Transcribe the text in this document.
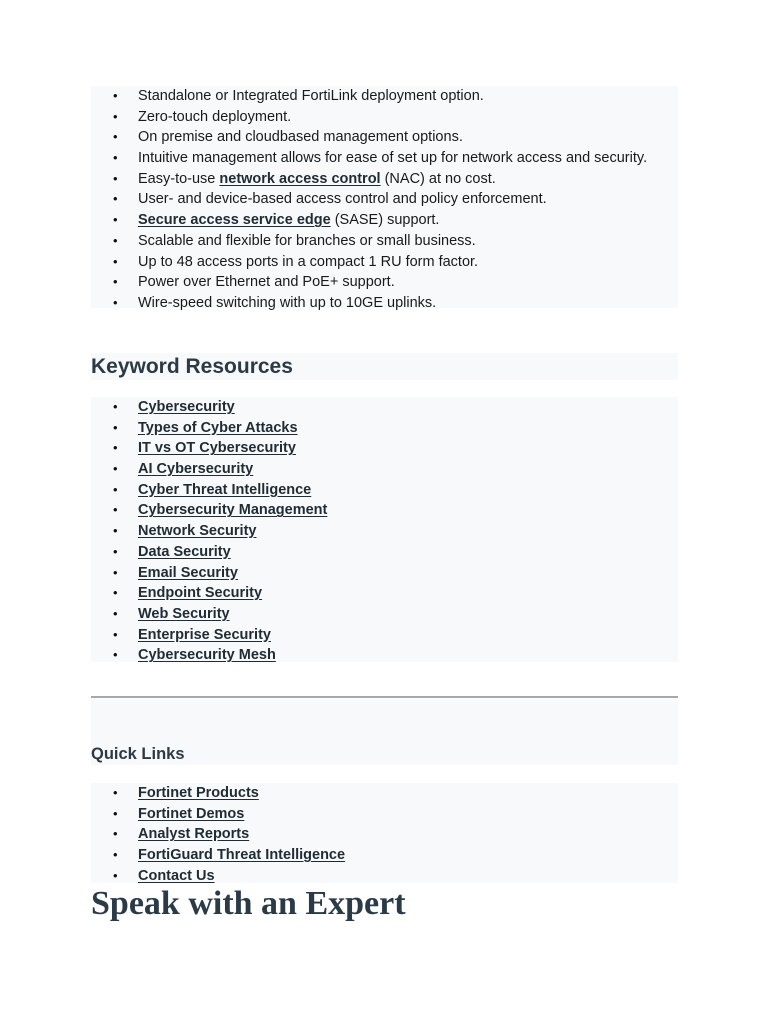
• Standalone or Integrated FortiLink deployment option.
• Zero-touch deployment.
• On premise and cloudbased management options.
• Intuitive management allows for ease of set up for network access and security.
• Easy-to-use network access control (NAC) at no cost.
• User- and device-based access control and policy enforcement.
• Secure access service edge (SASE) support.
• Scalable and flexible for branches or small business.
• Up to 48 access ports in a compact 1 RU form factor.
• Power over Ethernet and PoE+ support.
• Wire-speed switching with up to 10GE uplinks.
Keyword Resources
• Cybersecurity
• Types of Cyber Attacks
• IT vs OT Cybersecurity
• AI Cybersecurity
• Cyber Threat Intelligence
• Cybersecurity Management
• Network Security
• Data Security
• Email Security
• Endpoint Security
• Web Security
• Enterprise Security
• Cybersecurity Mesh
Quick Links
• Fortinet Products
• Fortinet Demos
• Analyst Reports
• FortiGuard Threat Intelligence
• Contact Us
Speak with an Expert
